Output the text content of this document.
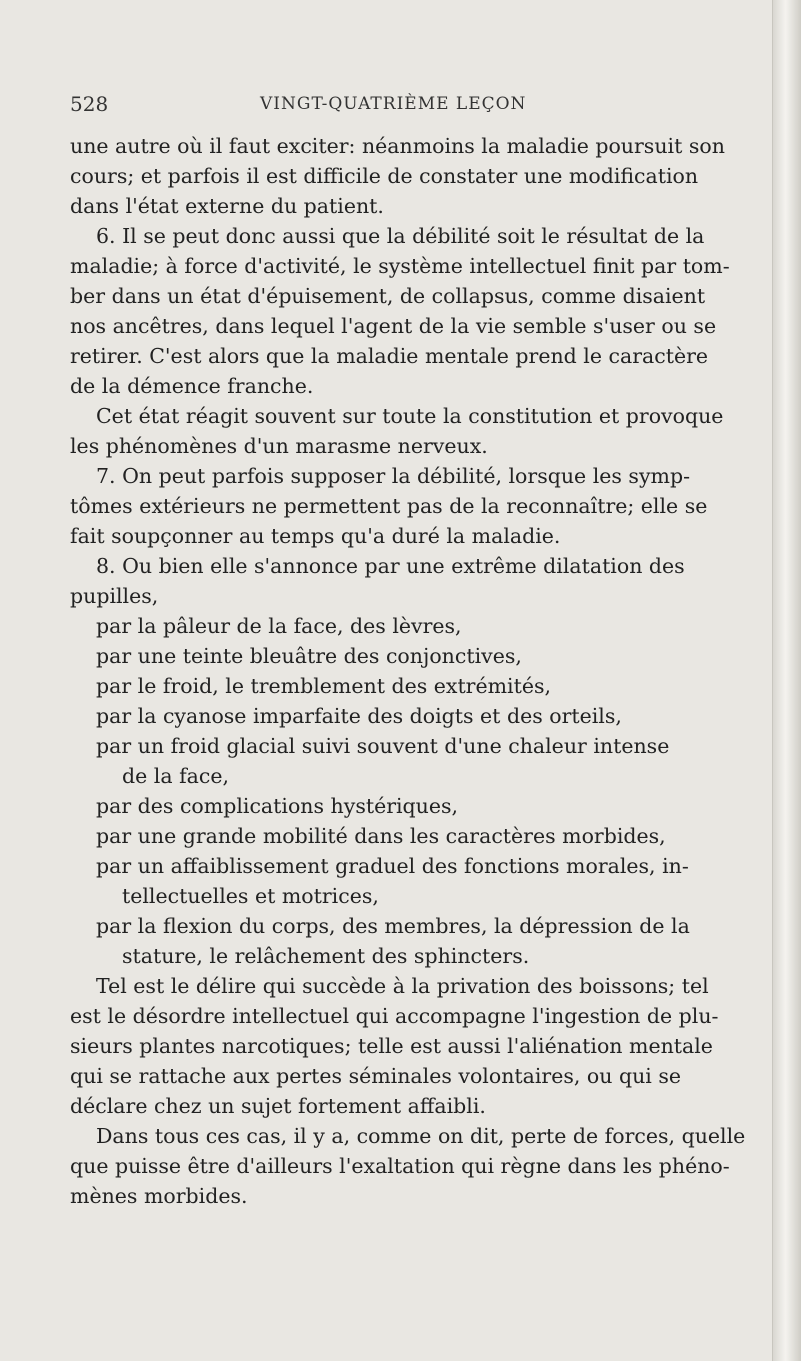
528	VINGT-QUATRIÈME LEÇON

une autre où il faut exciter: néanmoins la maladie poursuit son

cours; et parfois il est difficile de constater une modification

dans l'état externe du patient.

6. Il se peut donc aussi que la débilité soit le résultat de la

maladie; à force d'activité, le système intellectuel finit par tom-

ber dans un état d'épuisement, de collapsus, comme disaient

nos ancêtres, dans lequel l'agent de la vie semble s'user ou se

retirer. C'est alors que la maladie mentale prend le caractère

de la démence franche.

Cet état réagit souvent sur toute la constitution et provoque

les phénomènes d'un marasme nerveux.

7. On peut parfois supposer la débilité, lorsque les symp-

tômes extérieurs ne permettent pas de la reconnaître; elle se

fait soupçonner au temps qu'a duré la maladie.

8. Ou bien elle s'annonce par une extrême dilatation des

pupilles,

par la pâleur de la face, des lèvres,

par une teinte bleuâtre des conjonctives,

par le froid, le tremblement des extrémités,

par la cyanose imparfaite des doigts et des orteils,

par un froid glacial suivi souvent d'une chaleur intense

de la face,

par des complications hystériques,

par une grande mobilité dans les caractères morbides,

par un affaiblissement graduel des fonctions morales, in-

tellectuelles et motrices,

par la flexion du corps, des membres, la dépression de la

stature, le relâchement des sphincters.

Tel est le délire qui succède à la privation des boissons; tel

est le désordre intellectuel qui accompagne l'ingestion de plu-

sieurs plantes narcotiques; telle est aussi l'aliénation mentale

qui se rattache aux pertes séminales volontaires, ou qui se

déclare chez un sujet fortement affaibli.

Dans tous ces cas, il y a, comme on dit, perte de forces, quelle

que puisse être d'ailleurs l'exaltation qui règne dans les phéno-

mènes morbides.
